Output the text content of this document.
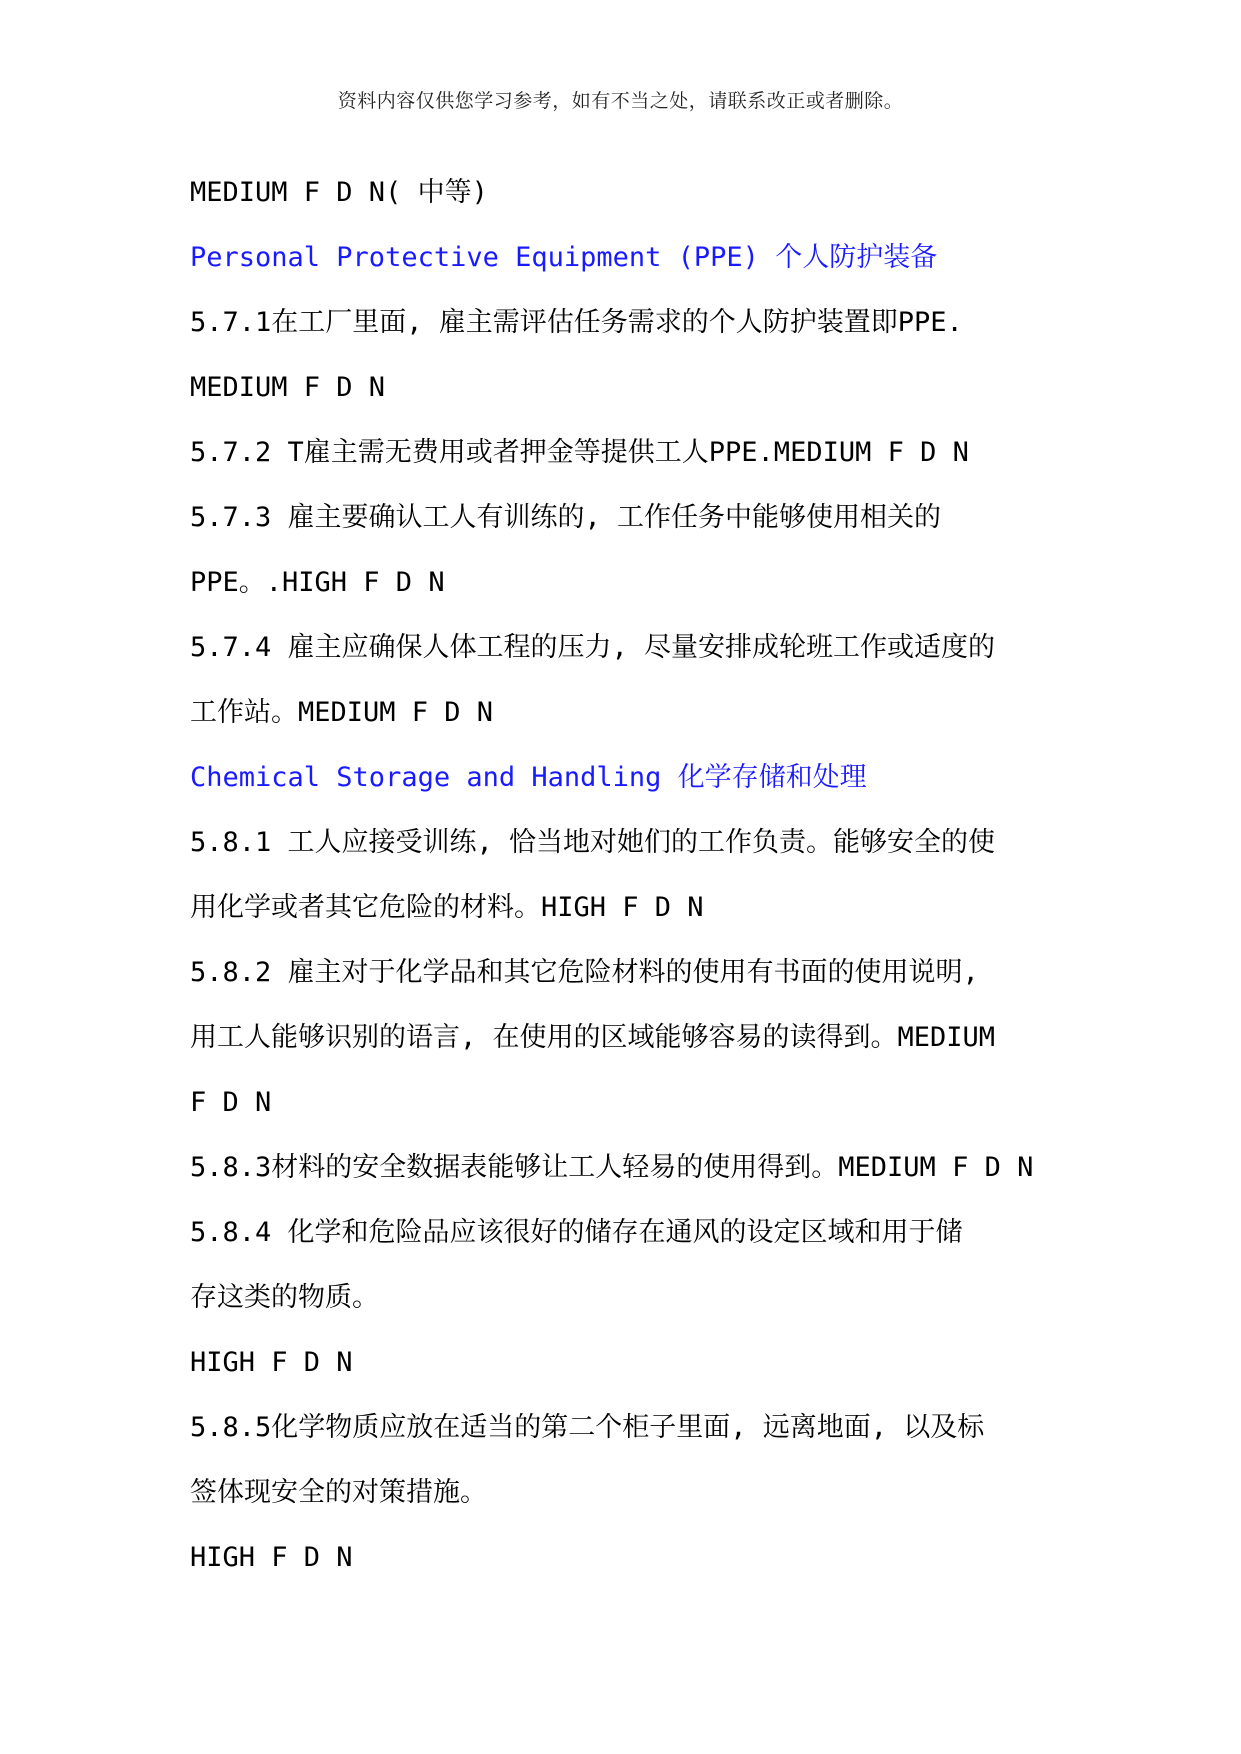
资料内容仅供您学习参考，如有不当之处，请联系改正或者删除。
MEDIUM F D N( 中等)
Personal Protective Equipment (PPE) 个人防护装备
5.7.1在工厂里面, 雇主需评估任务需求的个人防护装置即PPE.
MEDIUM F D N
5.7.2 T雇主需无费用或者押金等提供工人PPE.MEDIUM F D N
5.7.3 雇主要确认工人有训练的, 工作任务中能够使用相关的
PPE。.HIGH F D N
5.7.4 雇主应确保人体工程的压力, 尽量安排成轮班工作或适度的
工作站。MEDIUM F D N
Chemical Storage and Handling 化学存储和处理
5.8.1 工人应接受训练, 恰当地对她们的工作负责。能够安全的使
用化学或者其它危险的材料。HIGH F D N
5.8.2 雇主对于化学品和其它危险材料的使用有书面的使用说明,
用工人能够识别的语言, 在使用的区域能够容易的读得到。MEDIUM
F D N
5.8.3材料的安全数据表能够让工人轻易的使用得到。MEDIUM F D N
5.8.4 化学和危险品应该很好的储存在通风的设定区域和用于储
存这类的物质。
HIGH F D N
5.8.5化学物质应放在适当的第二个柜子里面, 远离地面, 以及标
签体现安全的对策措施。
HIGH F D N
